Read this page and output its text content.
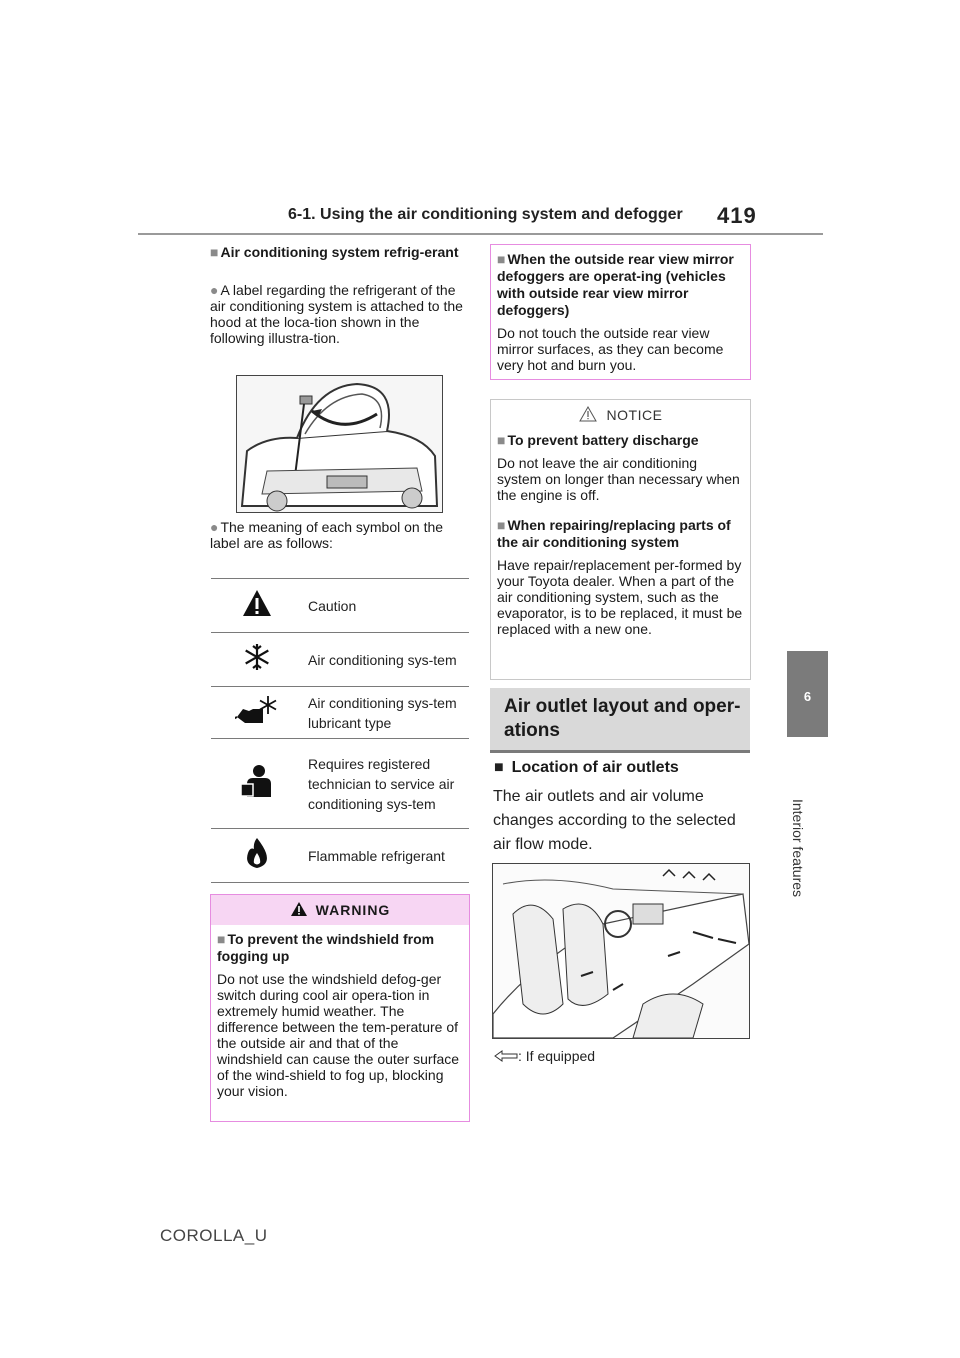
6-1. Using the air conditioning system and defogger 419
6
Interior features
■ Air conditioning system refrig-erant
● A label regarding the refrigerant of the air conditioning system is attached to the hood at the loca-tion shown in the following illustra-tion.
● The meaning of each symbol on the label are as follows:
	Caution
	Air conditioning sys-tem
	Air conditioning sys-tem lubricant type
	Requires registered technician to service air conditioning sys-tem
	Flammable refrigerant
WARNING
■ To prevent the windshield from fogging up
Do not use the windshield defog-ger switch during cool air opera-tion in extremely humid weather. The difference between the tem-perature of the outside air and that of the windshield can cause the outer surface of the wind-shield to fog up, blocking your vision.
■ When the outside rear view mirror defoggers are operat-ing (vehicles with outside rear view mirror defoggers)
Do not touch the outside rear view mirror surfaces, as they can become very hot and burn you.
NOTICE
■ To prevent battery discharge
Do not leave the air conditioning system on longer than necessary when the engine is off.
■ When repairing/replacing parts of the air conditioning system
Have repair/replacement per-formed by your Toyota dealer. When a part of the air conditioning system, such as the evaporator, is to be replaced, it must be replaced with a new one.
Air outlet layout and oper-ations
■ Location of air outlets
The air outlets and air volume changes according to the selected air flow mode.
: If equipped
COROLLA_U
